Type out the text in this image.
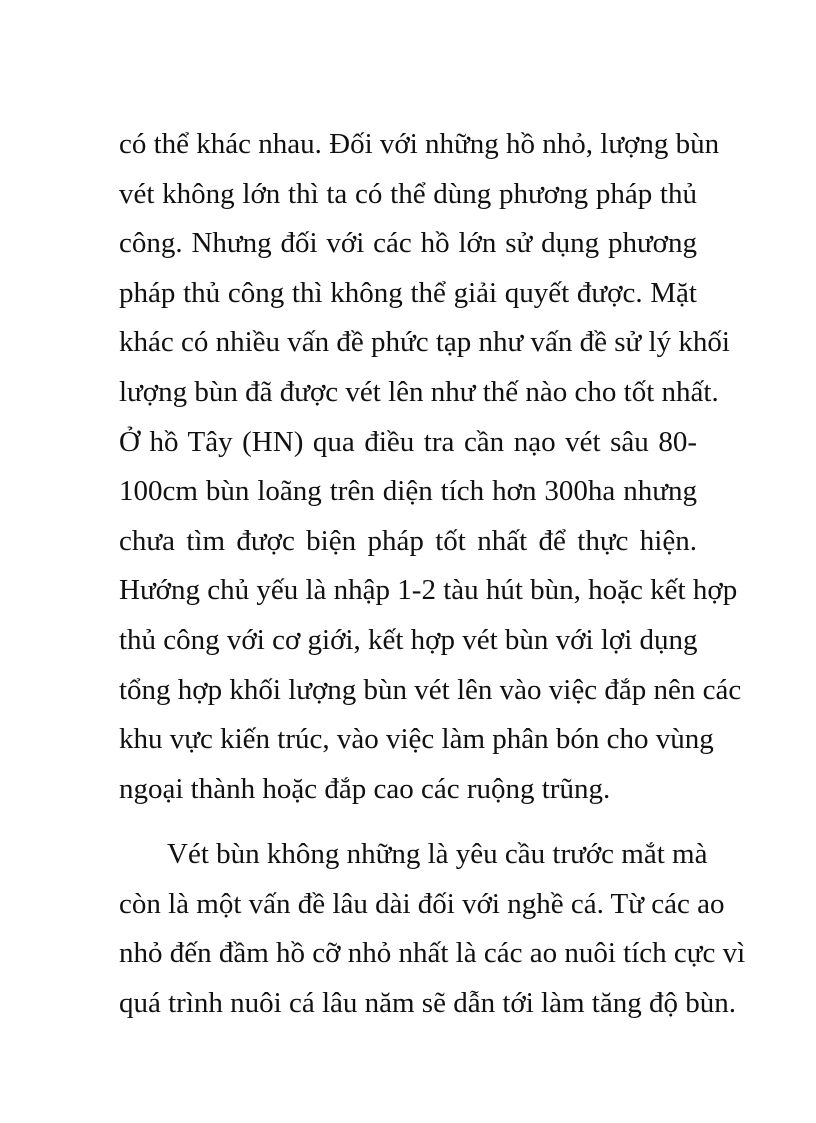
có thể khác nhau. Đối với những hồ nhỏ, lượng bùn
vét không lớn thì ta có thể dùng phương pháp thủ
công. Nhưng đối với các hồ lớn sử dụng phương
pháp thủ công thì không thể giải quyết được. Mặt
khác có nhiều vấn đề phức tạp như vấn đề sử lý khối
lượng bùn đã được vét lên như thế nào cho tốt nhất.
Ở hồ Tây (HN) qua điều tra cần nạo vét sâu 80-
100cm bùn loãng trên diện tích hơn 300ha nhưng
chưa tìm được biện pháp tốt nhất để thực hiện.
Hướng chủ yếu là nhập 1-2 tàu hút bùn, hoặc kết hợp
thủ công với cơ giới, kết hợp vét bùn với lợi dụng
tổng hợp khối lượng bùn vét lên vào việc đắp nên các
khu vực kiến trúc, vào việc làm phân bón cho vùng
ngoại thành hoặc đắp cao các ruộng trũng.
Vét bùn không những là yêu cầu trước mắt mà
còn là một vấn đề lâu dài đối với nghề cá. Từ các ao
nhỏ đến đầm hồ cỡ nhỏ nhất là các ao nuôi tích cực vì
quá trình nuôi cá lâu năm sẽ dẫn tới làm tăng độ bùn.
